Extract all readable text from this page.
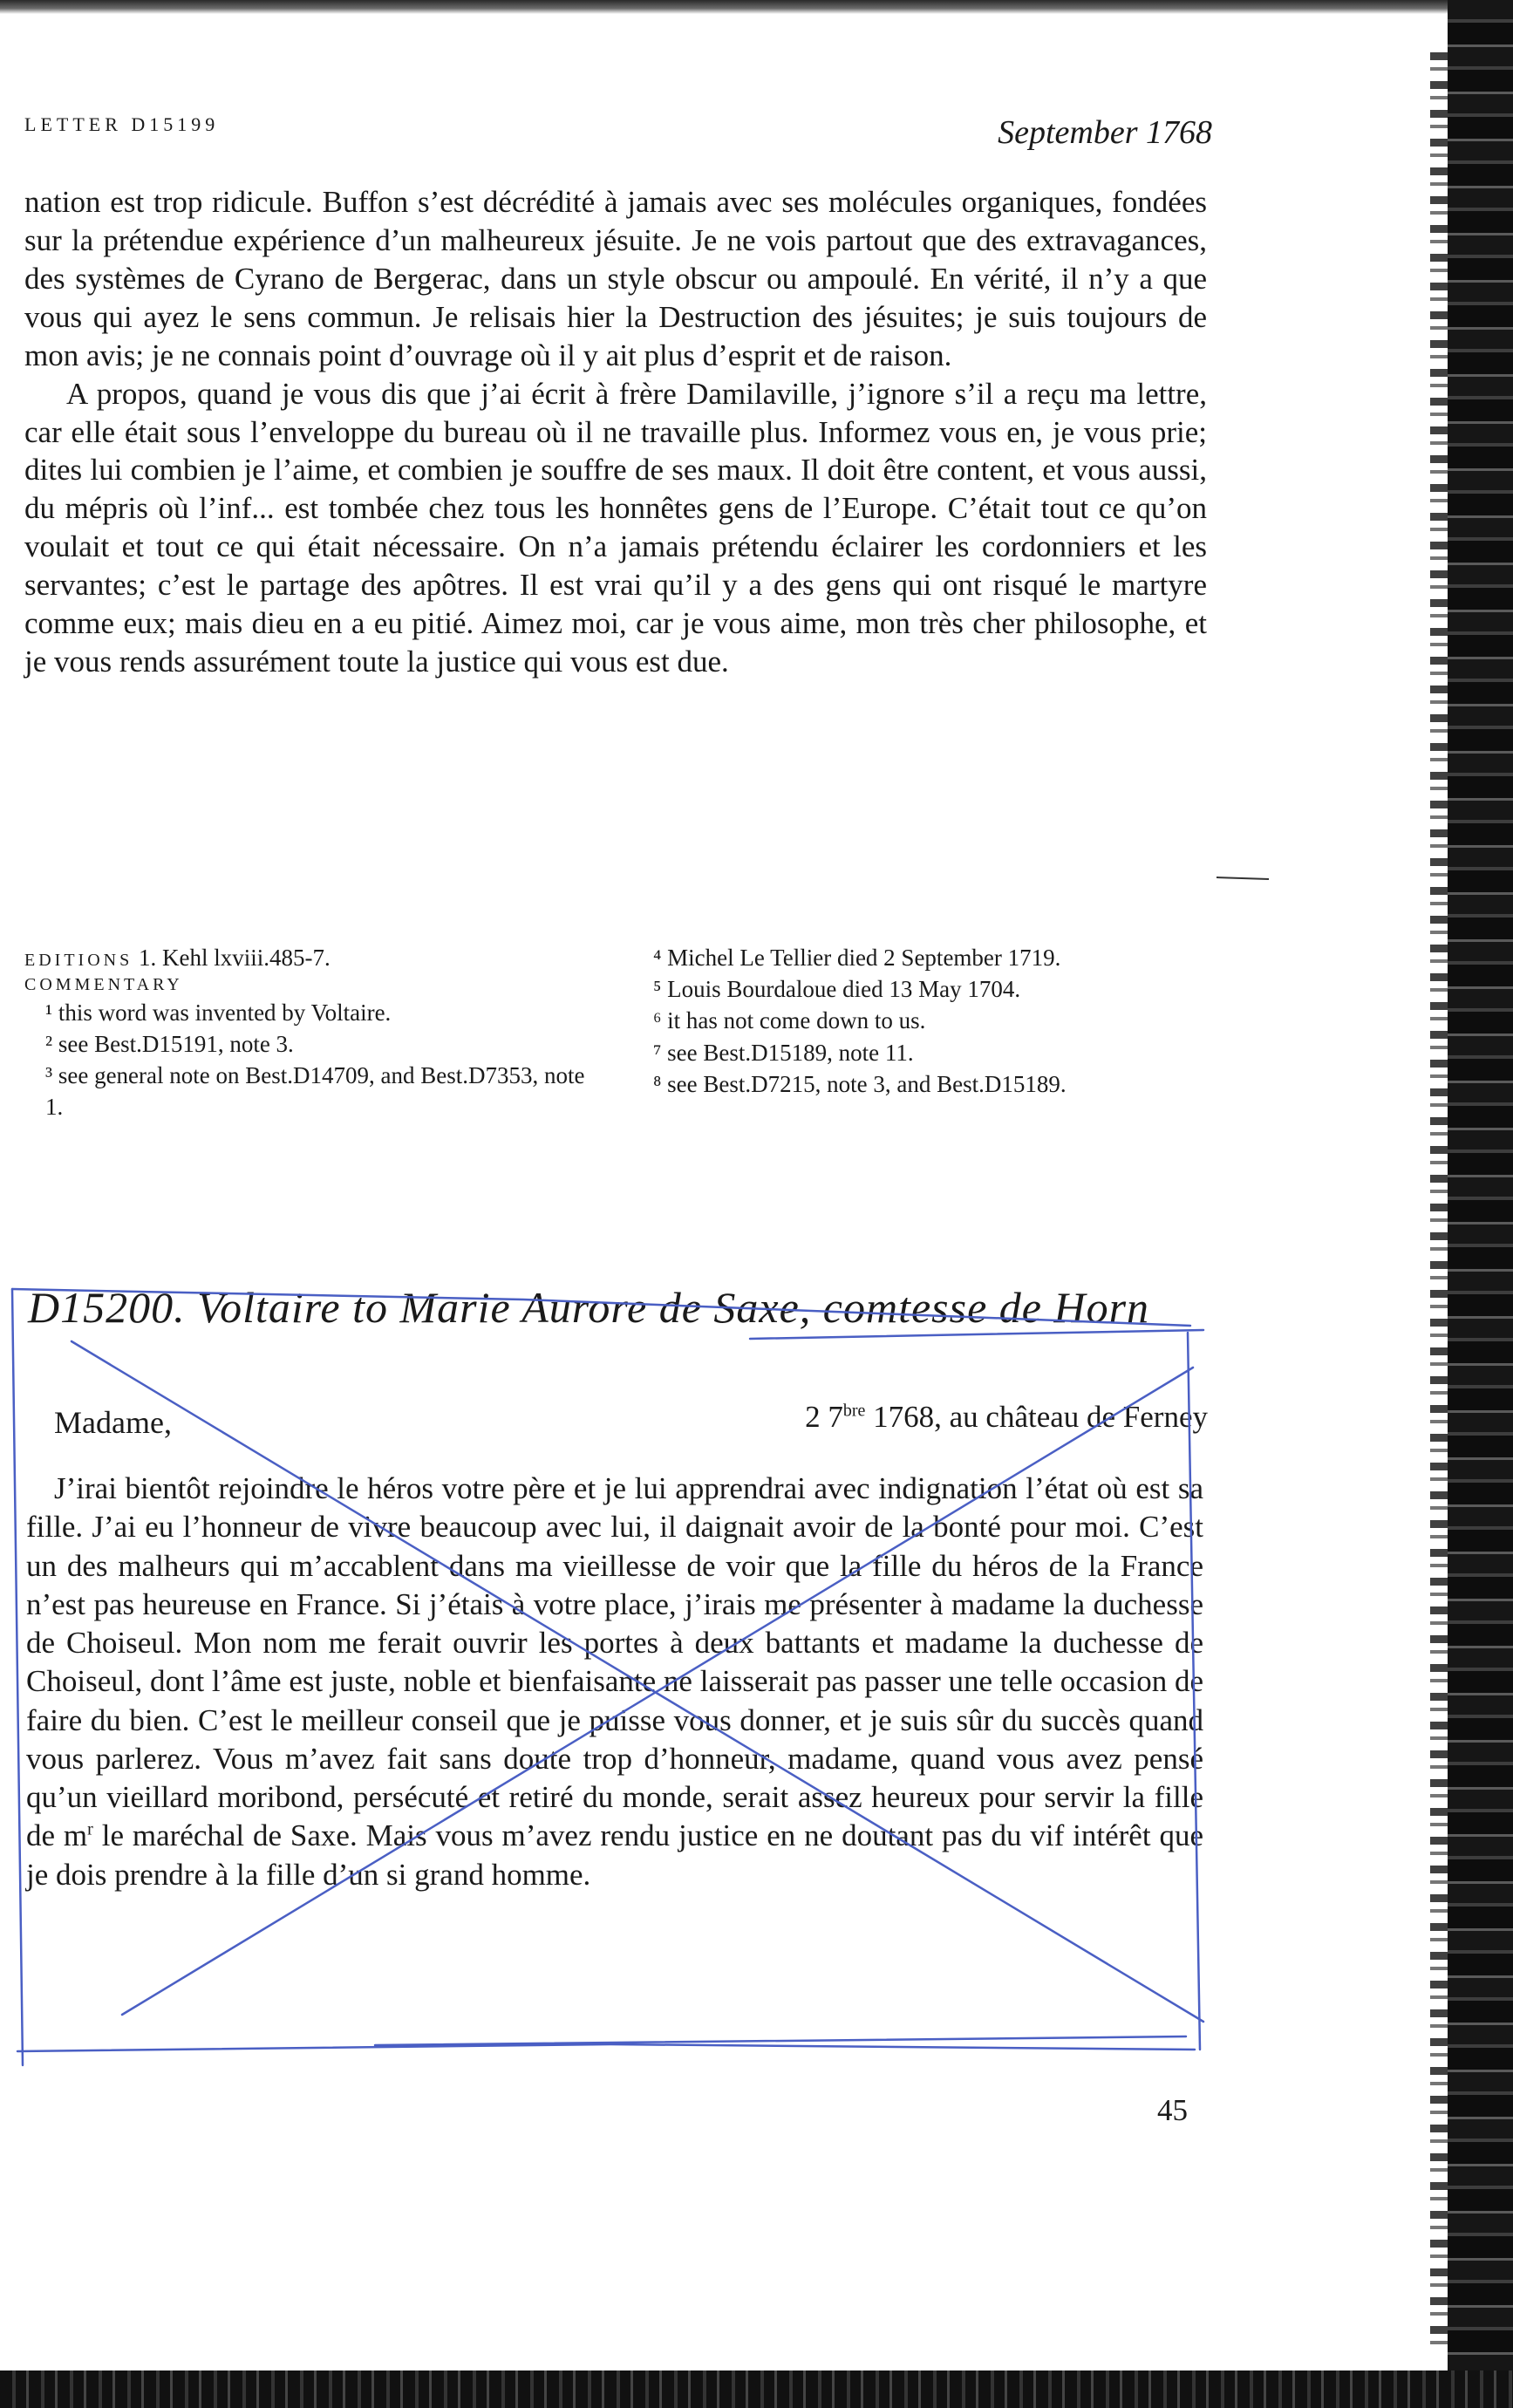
LETTER D15199	September 1768

nation est trop ridicule. Buffon s’est décrédité à jamais avec ses molécules organiques, fondées sur la prétendue expérience d’un malheureux jésuite. Je ne vois partout que des extravagances, des systèmes de Cyrano de Bergerac, dans un style obscur ou ampoulé. En vérité, il n’y a que vous qui ayez le sens commun. Je relisais hier la Destruction des jésuites; je suis toujours de mon avis; je ne connais point d’ouvrage où il y ait plus d’esprit et de raison.

A propos, quand je vous dis que j’ai écrit à frère Damilaville, j’ignore s’il a reçu ma lettre, car elle était sous l’enveloppe du bureau où il ne travaille plus. Informez vous en, je vous prie; dites lui combien je l’aime, et combien je souffre de ses maux. Il doit être content, et vous aussi, du mépris où l’inf... est tombée chez tous les honnêtes gens de l’Europe. C’était tout ce qu’on voulait et tout ce qui était nécessaire. On n’a jamais prétendu éclairer les cordonniers et les servantes; c’est le partage des apôtres. Il est vrai qu’il y a des gens qui ont risqué le martyre comme eux; mais dieu en a eu pitié. Aimez moi, car je vous aime, mon très cher philosophe, et je vous rends assurément toute la justice qui vous est due.

EDITIONS 1. Kehl lxviii.485-7.
COMMENTARY
¹ this word was invented by Voltaire.
² see Best.D15191, note 3.
³ see general note on Best.D14709, and Best.D7353, note 1.
⁴ Michel Le Tellier died 2 September 1719.
⁵ Louis Bourdaloue died 13 May 1704.
⁶ it has not come down to us.
⁷ see Best.D15189, note 11.
⁸ see Best.D7215, note 3, and Best.D15189.
D15200. Voltaire to Marie Aurore de Saxe, comtesse de Horn
Madame,	2 $7^{bre}$ 1768, au château de Ferney

J’irai bientôt rejoindre le héros votre père et je lui apprendrai avec indignation l’état où est sa fille. J’ai eu l’honneur de vivre beaucoup avec lui, il daignait avoir de la bonté pour moi. C’est un des malheurs qui m’accablent dans ma vieillesse de voir que la fille du héros de la France n’est pas heureuse en France. Si j’étais à votre place, j’irais me présenter à madame la duchesse de Choiseul. Mon nom me ferait ouvrir les portes à deux battants et madame la duchesse de Choiseul, dont l’âme est juste, noble et bienfaisante ne laisserait pas passer une telle occasion de faire du bien. C’est le meilleur conseil que je puisse vous donner, et je suis sûr du succès quand vous parlerez. Vous m’avez fait sans doute trop d’honneur, madame, quand vous avez pensé qu’un vieillard moribond, persécuté et retiré du monde, serait assez heureux pour servir la fille de $m^r$ le maréchal de Saxe. Mais vous m’avez rendu justice en ne doutant pas du vif intérêt que je dois prendre à la fille d’un si grand homme.

45
